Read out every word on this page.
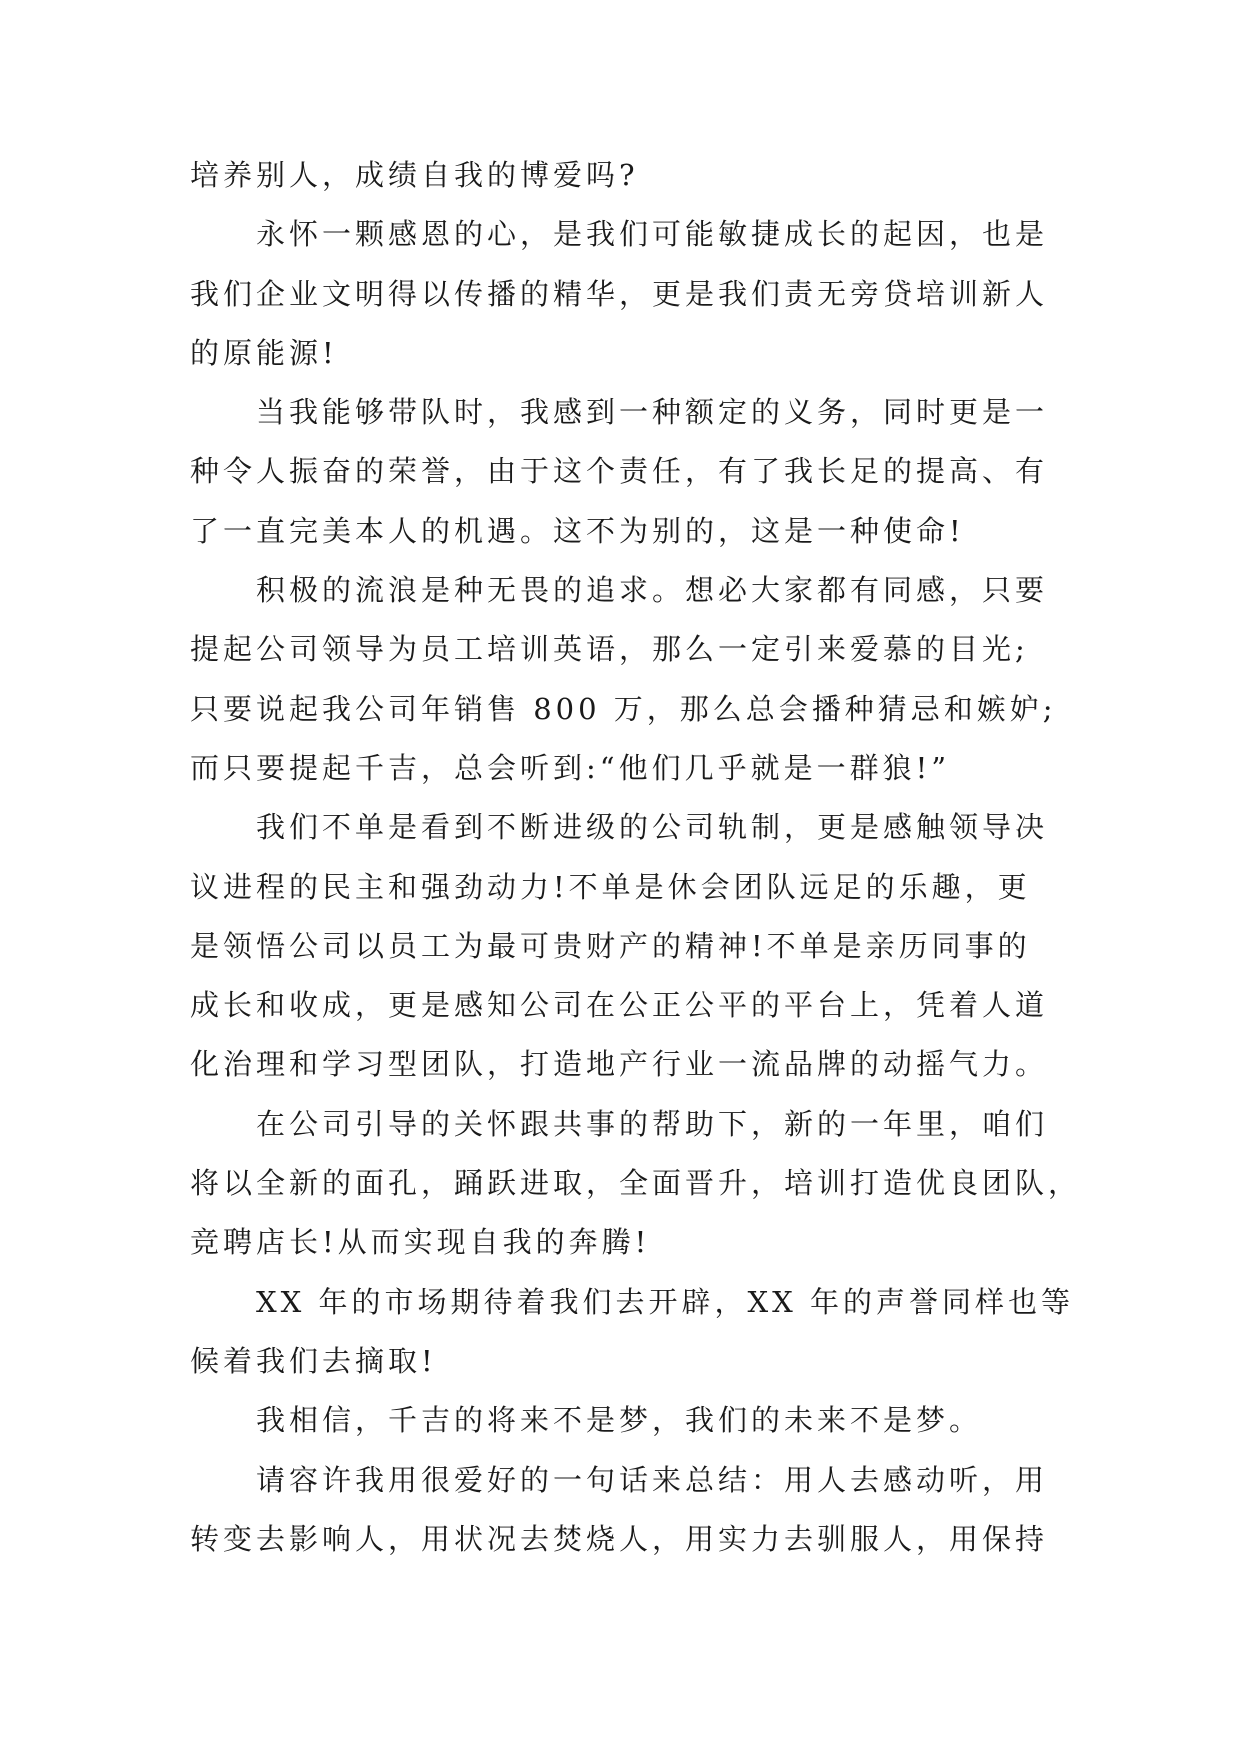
培养别人，成绩自我的博爱吗?
永怀一颗感恩的心，是我们可能敏捷成长的起因，也是
我们企业文明得以传播的精华，更是我们责无旁贷培训新人
的原能源!
当我能够带队时，我感到一种额定的义务，同时更是一
种令人振奋的荣誉，由于这个责任，有了我长足的提高、有
了一直完美本人的机遇。这不为别的，这是一种使命!
积极的流浪是种无畏的追求。想必大家都有同感，只要
提起公司领导为员工培训英语，那么一定引来爱慕的目光;
只要说起我公司年销售 800 万，那么总会播种猜忌和嫉妒;
而只要提起千吉，总会听到:“他们几乎就是一群狼!”
我们不单是看到不断进级的公司轨制，更是感触领导决
议进程的民主和强劲动力!不单是休会团队远足的乐趣，更
是领悟公司以员工为最可贵财产的精神!不单是亲历同事的
成长和收成，更是感知公司在公正公平的平台上，凭着人道
化治理和学习型团队，打造地产行业一流品牌的动摇气力。
在公司引导的关怀跟共事的帮助下，新的一年里，咱们
将以全新的面孔，踊跃进取，全面晋升，培训打造优良团队，
竞聘店长!从而实现自我的奔腾!
XX 年的市场期待着我们去开辟，XX 年的声誉同样也等
候着我们去摘取!
我相信，千吉的将来不是梦，我们的未来不是梦。
请容许我用很爱好的一句话来总结：用人去感动听，用
转变去影响人，用状况去焚烧人，用实力去驯服人，用保持
